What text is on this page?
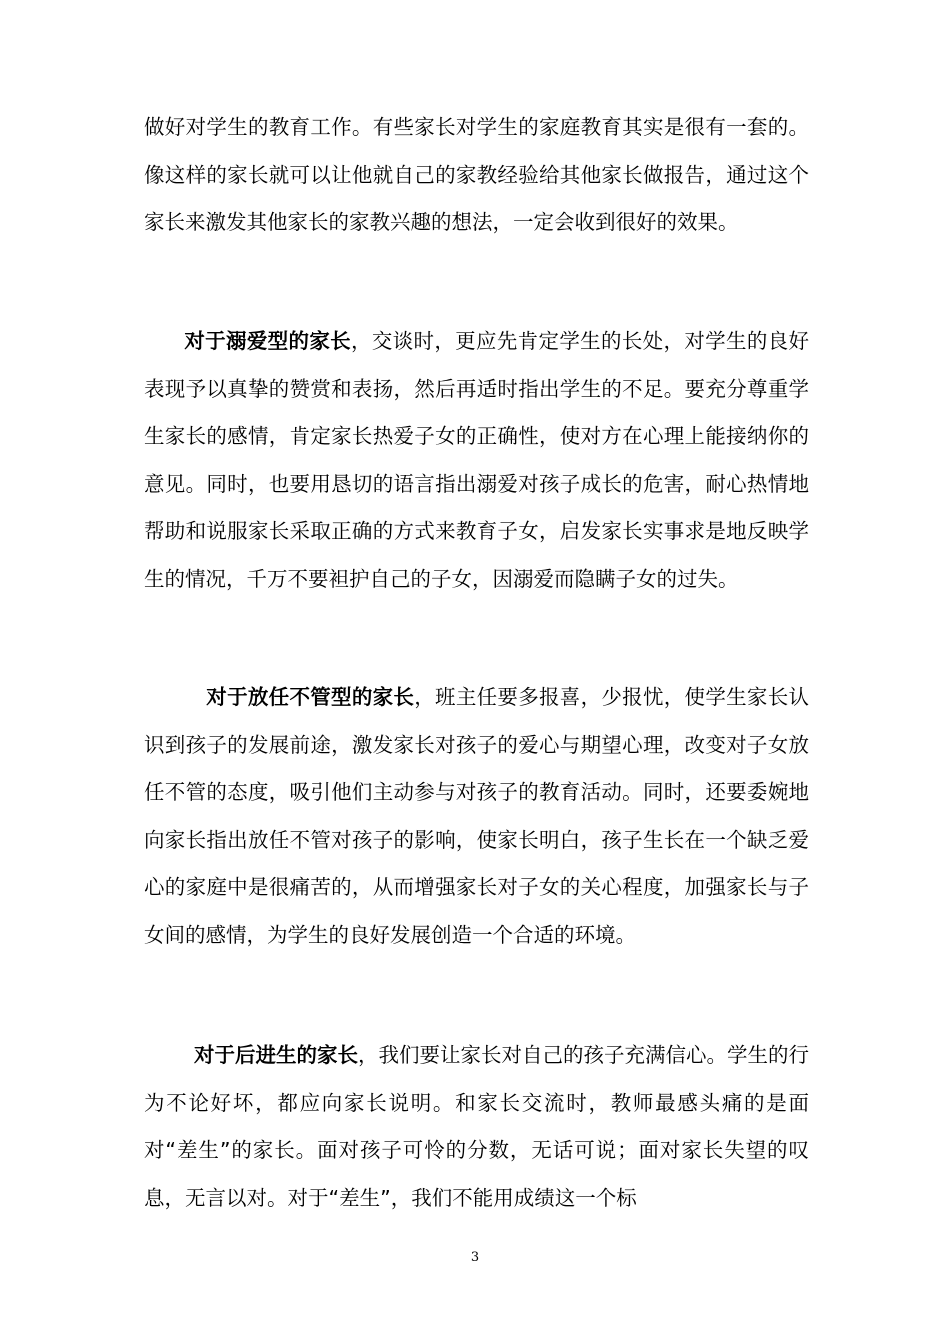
做好对学生的教育工作。有些家长对学生的家庭教育其实是很有一套的。像这样的家长就可以让他就自己的家教经验给其他家长做报告，通过这个家长来激发其他家长的家教兴趣的想法，一定会收到很好的效果。

对于溺爱型的家长，交谈时，更应先肯定学生的长处，对学生的良好表现予以真挚的赞赏和表扬，然后再适时指出学生的不足。要充分尊重学生家长的感情，肯定家长热爱子女的正确性，使对方在心理上能接纳你的意见。同时，也要用恳切的语言指出溺爱对孩子成长的危害，耐心热情地帮助和说服家长采取正确的方式来教育子女，启发家长实事求是地反映学生的情况，千万不要袒护自己的子女，因溺爱而隐瞒子女的过失。

对于放任不管型的家长，班主任要多报喜，少报忧，使学生家长认识到孩子的发展前途，激发家长对孩子的爱心与期望心理，改变对子女放任不管的态度，吸引他们主动参与对孩子的教育活动。同时，还要委婉地向家长指出放任不管对孩子的影响，使家长明白，孩子生长在一个缺乏爱心的家庭中是很痛苦的，从而增强家长对子女的关心程度，加强家长与子女间的感情，为学生的良好发展创造一个合适的环境。

对于后进生的家长，我们要让家长对自己的孩子充满信心。学生的行为不论好坏，都应向家长说明。和家长交流时，教师最感头痛的是面对“差生”的家长。面对孩子可怜的分数，无话可说；面对家长失望的叹息，无言以对。对于“差生”，我们不能用成绩这一个标

3
